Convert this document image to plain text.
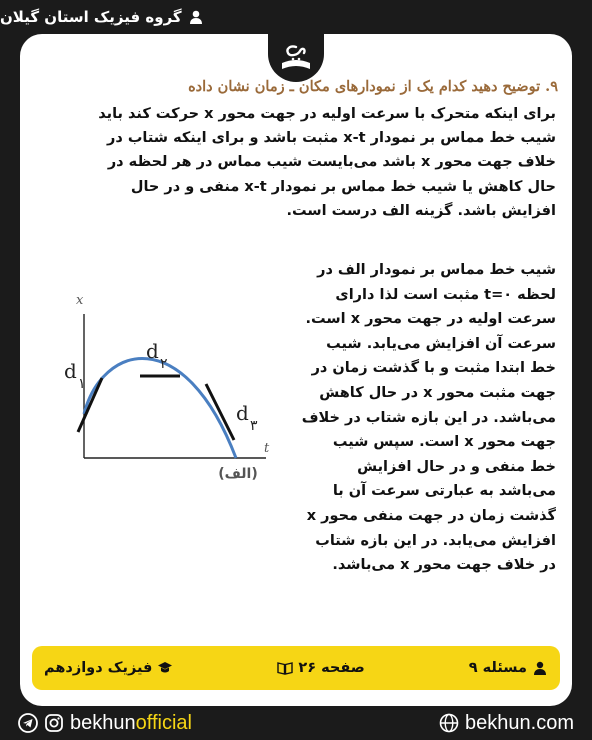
گروه فیزیک استان گیلان
۹. توضیح دهید کدام یک از نمودارهای مکان ـ زمان نشان داده
برای اینکه متحرک با سرعت اولیه در جهت محور x حرکت کند باید
شیب خط مماس بر نمودار x-t مثبت باشد و برای اینکه شتاب در
خلاف جهت محور x باشد می‌بایست شیب مماس در هر لحظه در
حال کاهش یا شیب خط مماس بر نمودار x-t منفی و در حال
افزایش باشد. گزینه الف درست است.
شیب خط مماس بر نمودار الف در
لحظه ۰=t مثبت است لذا دارای
سرعت اولیه در جهت محور x است.
سرعت آن افزایش می‌یابد. شیب
خط ابتدا مثبت و با گذشت زمان در
جهت مثبت محور x در حال کاهش
می‌باشد. در این بازه شتاب در خلاف
جهت محور x است. سپس شیب
خط منفی و در حال افزایش
می‌باشد به عبارتی سرعت آن با
گذشت زمان در جهت منفی محور x
افزایش می‌یابد. در این بازه شتاب
در خلاف جهت محور x می‌باشد.
x
t
d
۱
d
۲
d
۳
(الف)
مسئله ۹
صفحه ۲۶
فیزیک دوازدهم
bekhunofficial	bekhun.com
